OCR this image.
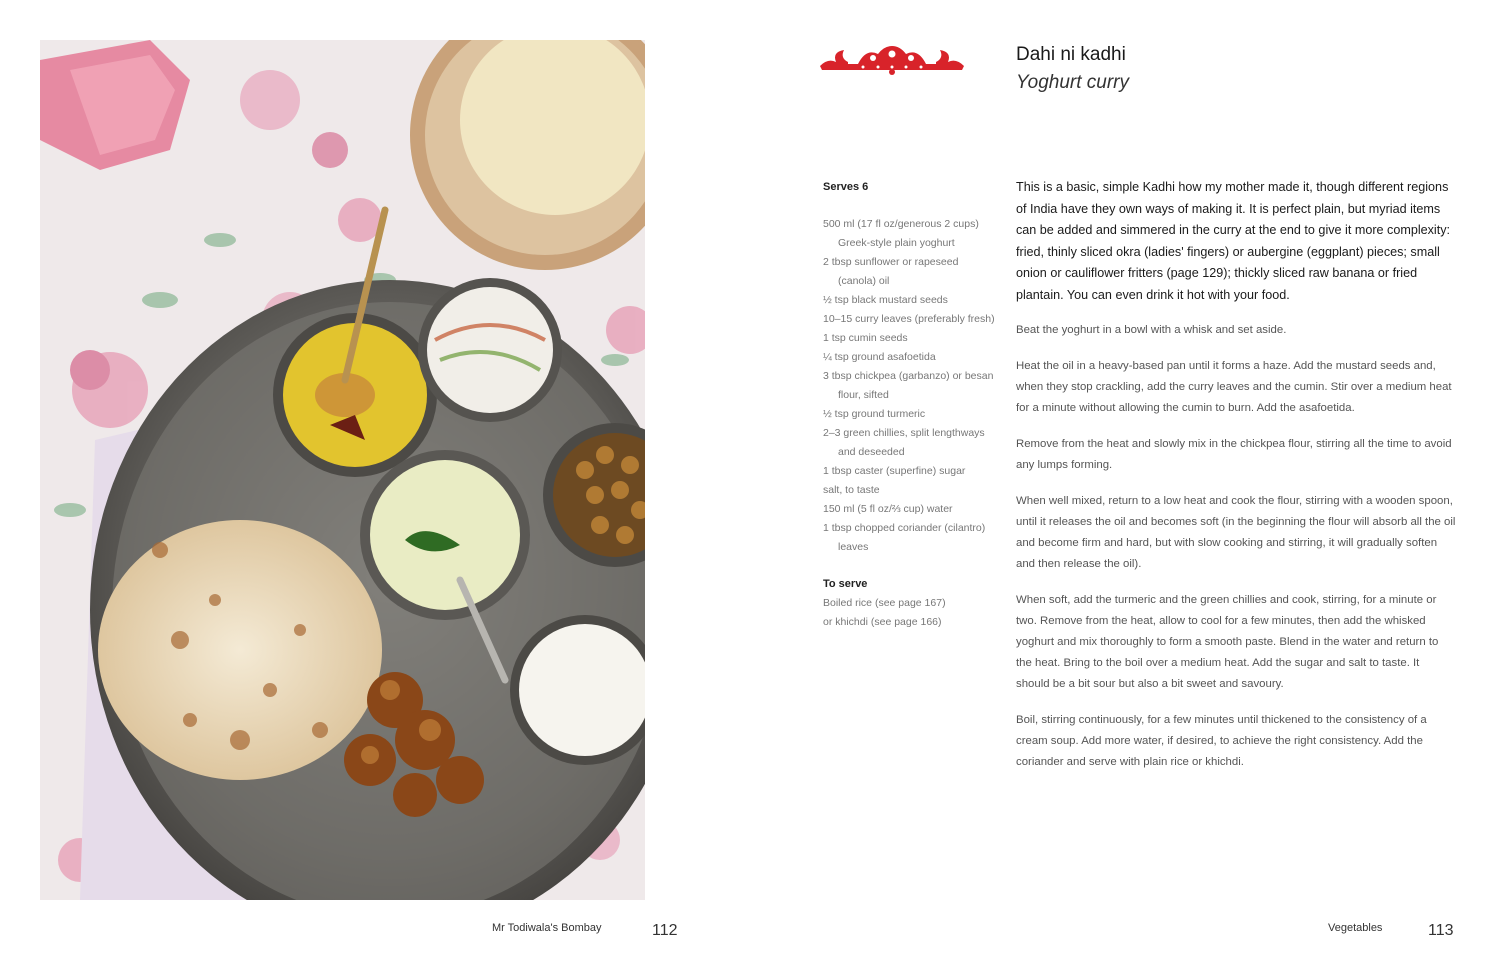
Mr Todiwala's Bombay	112
Dahi ni kadhi
Yoghurt curry
Serves 6
500 ml (17 fl oz/generous 2 cups) Greek-style plain yoghurt
2 tbsp sunflower or rapeseed (canola) oil
½ tsp black mustard seeds
10–15 curry leaves (preferably fresh)
1 tsp cumin seeds
¼ tsp ground asafoetida
3 tbsp chickpea (garbanzo) or besan flour, sifted
½ tsp ground turmeric
2–3 green chillies, split lengthways and deseeded
1 tbsp caster (superfine) sugar
salt, to taste
150 ml (5 fl oz/⅔ cup) water
1 tbsp chopped coriander (cilantro) leaves
To serve
Boiled rice (see page 167)
or khichdi (see page 166)

This is a basic, simple Kadhi how my mother made it, though different regions of India have they own ways of making it. It is perfect plain, but myriad items can be added and simmered in the curry at the end to give it more complexity: fried, thinly sliced okra (ladies' fingers) or aubergine (eggplant) pieces; small onion or cauliflower fritters (page 129); thickly sliced raw banana or fried plantain. You can even drink it hot with your food.

Beat the yoghurt in a bowl with a whisk and set aside.

Heat the oil in a heavy-based pan until it forms a haze. Add the mustard seeds and, when they stop crackling, add the curry leaves and the cumin. Stir over a medium heat for a minute without allowing the cumin to burn. Add the asafoetida.

Remove from the heat and slowly mix in the chickpea flour, stirring all the time to avoid any lumps forming.

When well mixed, return to a low heat and cook the flour, stirring with a wooden spoon, until it releases the oil and becomes soft (in the beginning the flour will absorb all the oil and become firm and hard, but with slow cooking and stirring, it will gradually soften and then release the oil).

When soft, add the turmeric and the green chillies and cook, stirring, for a minute or two. Remove from the heat, allow to cool for a few minutes, then add the whisked yoghurt and mix thoroughly to form a smooth paste. Blend in the water and return to the heat. Bring to the boil over a medium heat. Add the sugar and salt to taste. It should be a bit sour but also a bit sweet and savoury.

Boil, stirring continuously, for a few minutes until thickened to the consistency of a cream soup. Add more water, if desired, to achieve the right consistency. Add the coriander and serve with plain rice or khichdi.

Vegetables	113
